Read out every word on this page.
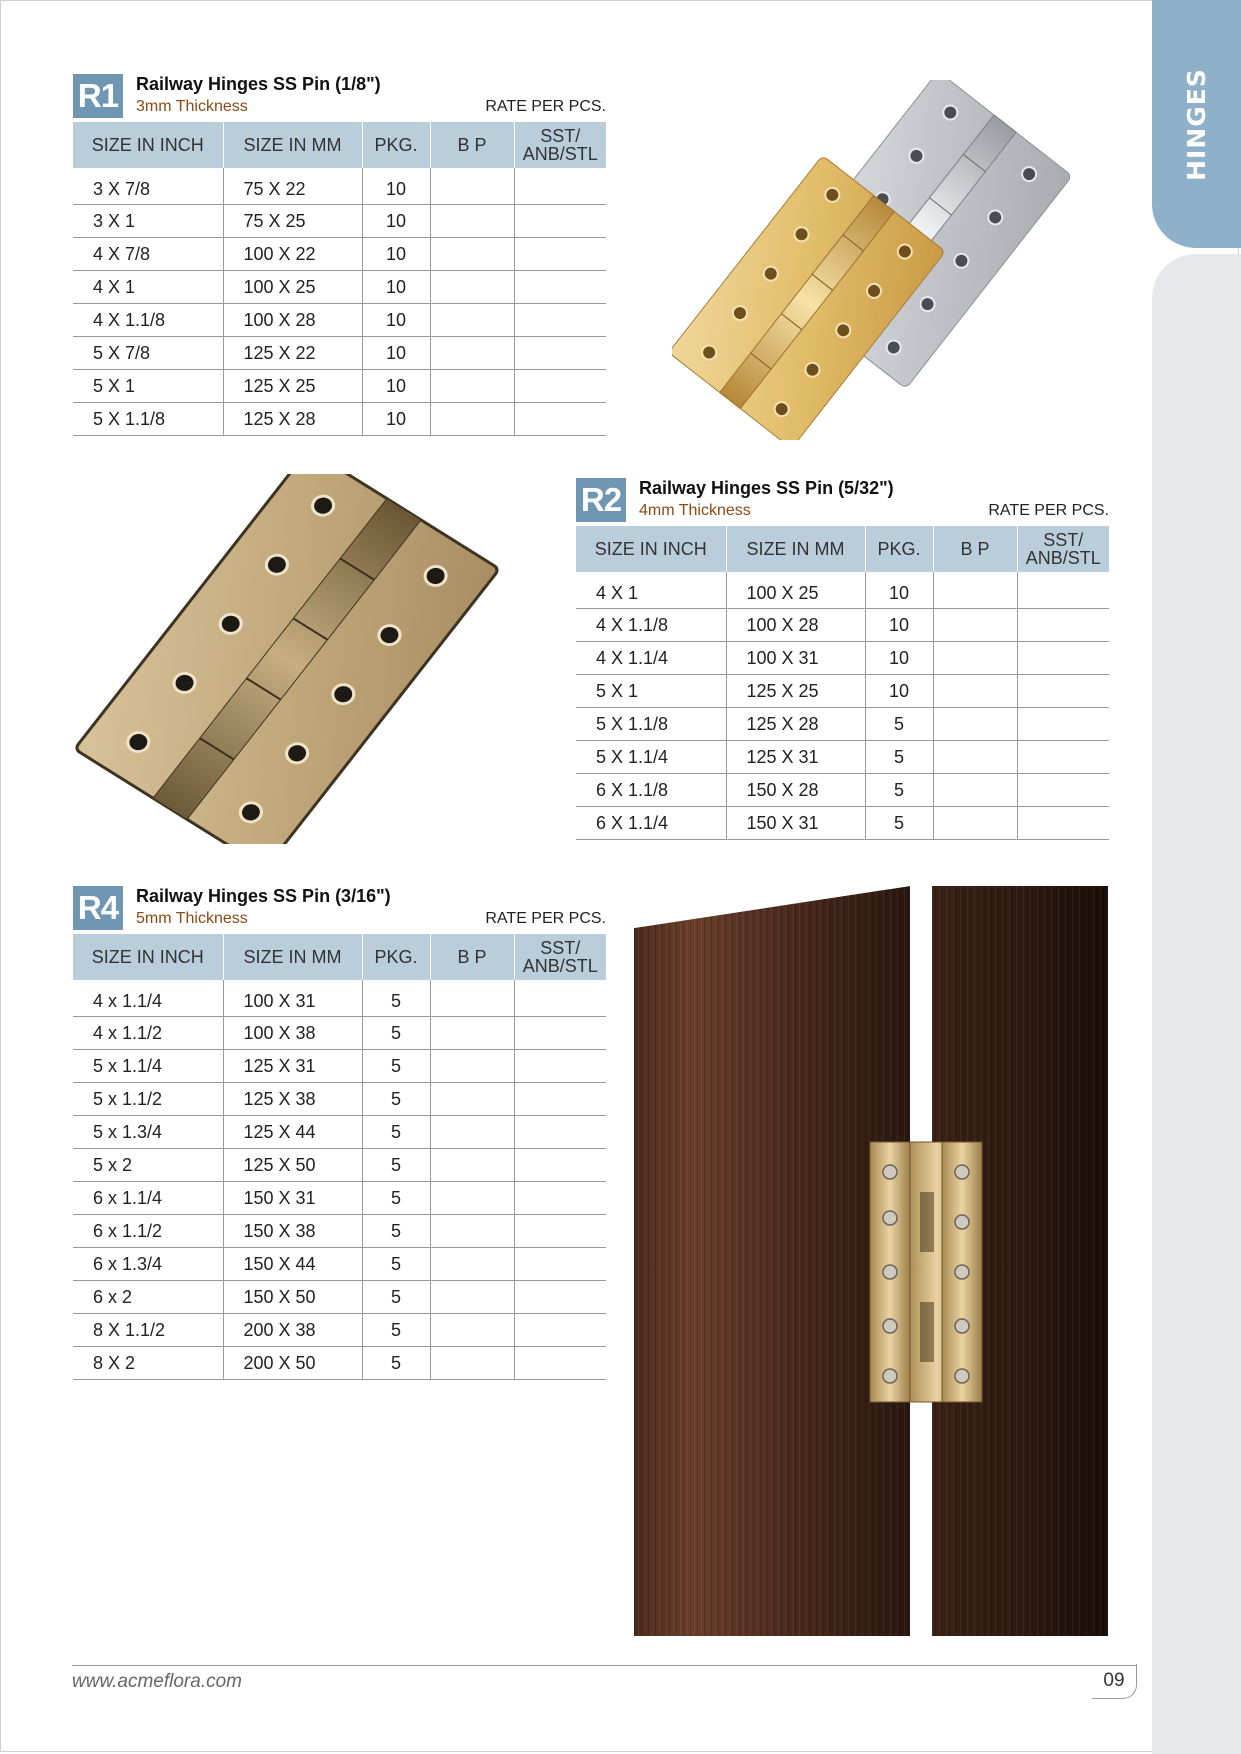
HINGES
R1 Railway Hinges SS Pin (1/8")
3mm Thickness	RATE PER PCS.
SIZE IN INCH	SIZE IN MM	PKG.	B P	SST/
ANB/STL
3 X 7/8	75 X 22	10		
3 X 1	75 X 25	10		
4 X 7/8	100 X 22	10		
4 X 1	100 X 25	10		
4 X 1.1/8	100 X 28	10		
5 X 7/8	125 X 22	10		
5 X 1	125 X 25	10		
5 X 1.1/8	125 X 28	10		
R2 Railway Hinges SS Pin (5/32")
4mm Thickness	RATE PER PCS.
SIZE IN INCH	SIZE IN MM	PKG.	B P	SST/
ANB/STL
4 X 1	100 X 25	10		
4 X 1.1/8	100 X 28	10		
4 X 1.1/4	100 X 31	10		
5 X 1	125 X 25	10		
5 X 1.1/8	125 X 28	5		
5 X 1.1/4	125 X 31	5		
6 X 1.1/8	150 X 28	5		
6 X 1.1/4	150 X 31	5		
R4 Railway Hinges SS Pin (3/16")
5mm Thickness	RATE PER PCS.
SIZE IN INCH	SIZE IN MM	PKG.	B P	SST/
ANB/STL
4 x 1.1/4	100 X 31	5		
4 x 1.1/2	100 X 38	5		
5 x 1.1/4	125 X 31	5		
5 x 1.1/2	125 X 38	5		
5 x 1.3/4	125 X 44	5		
5 x 2	125 X 50	5		
6 x 1.1/4	150 X 31	5		
6 x 1.1/2	150 X 38	5		
6 x 1.3/4	150 X 44	5		
6 x 2	150 X 50	5		
8 X 1.1/2	200 X 38	5		
8 X 2	200 X 50	5		
www.acmeflora.com	09
